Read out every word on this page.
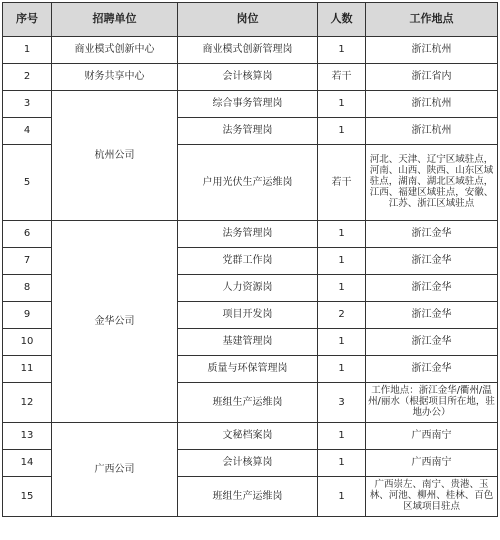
序号	招聘单位	岗位	人数	工作地点
1	商业模式创新中心	商业模式创新管理岗	1	浙江杭州
2	财务共享中心	会计核算岗	若干	浙江省内
3	杭州公司	综合事务管理岗	1	浙江杭州
4		法务管理岗	1	浙江杭州
5		户用光伏生产运维岗	若干	河北、天津、辽宁区域驻点，河南、山西、陕西、山东区域驻点，湖南、湖北区域驻点，江西、福建区域驻点，安徽、江苏、浙江区域驻点
6	金华公司	法务管理岗	1	浙江金华
7		党群工作岗	1	浙江金华
8		人力资源岗	1	浙江金华
9		项目开发岗	2	浙江金华
10		基建管理岗	1	浙江金华
11		质量与环保管理岗	1	浙江金华
12		班组生产运维岗	3	工作地点：浙江金华/衢州/温州/丽水（根据项目所在地，驻地办公）
13	广西公司	文秘档案岗	1	广西南宁
14		会计核算岗	1	广西南宁
15		班组生产运维岗	1	广西崇左、南宁、贵港、玉林、河池、柳州、桂林、百色区域项目驻点
